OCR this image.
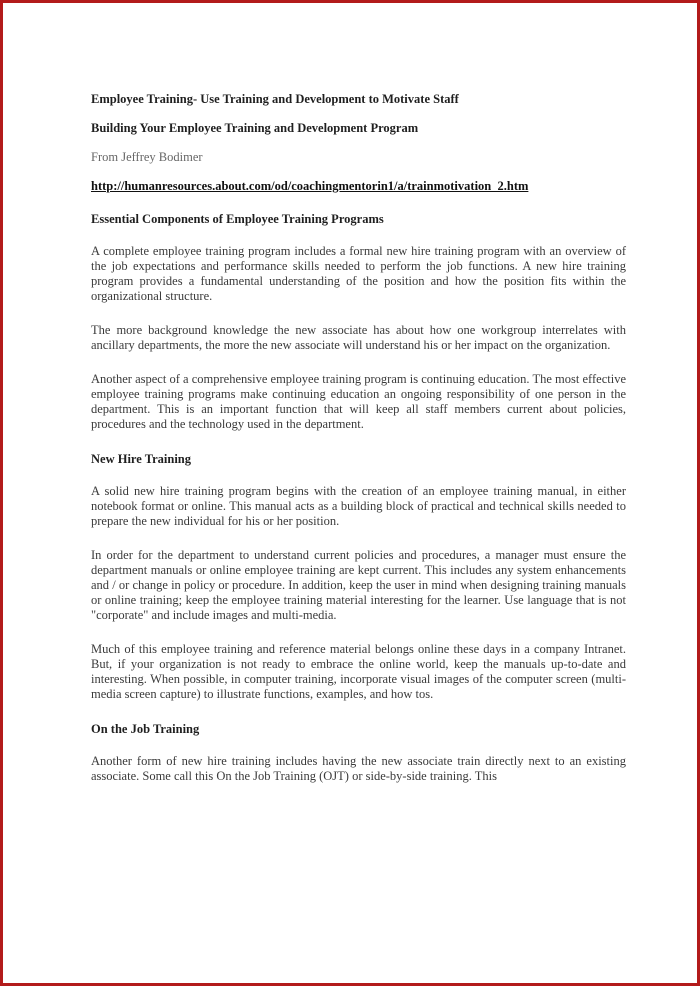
Employee Training- Use Training and Development to Motivate Staff

Building Your Employee Training and Development Program

From Jeffrey Bodimer

http://humanresources.about.com/od/coachingmentorin1/a/trainmotivation_2.htm

Essential Components of Employee Training Programs

A complete employee training program includes a formal new hire training program with an overview of the job expectations and performance skills needed to perform the job functions. A new hire training program provides a fundamental understanding of the position and how the position fits within the organizational structure.

The more background knowledge the new associate has about how one workgroup interrelates with ancillary departments, the more the new associate will understand his or her impact on the organization.

Another aspect of a comprehensive employee training program is continuing education. The most effective employee training programs make continuing education an ongoing responsibility of one person in the department. This is an important function that will keep all staff members current about policies, procedures and the technology used in the department.

New Hire Training

A solid new hire training program begins with the creation of an employee training manual, in either notebook format or online. This manual acts as a building block of practical and technical skills needed to prepare the new individual for his or her position.

In order for the department to understand current policies and procedures, a manager must ensure the department manuals or online employee training are kept current. This includes any system enhancements and / or change in policy or procedure. In addition, keep the user in mind when designing training manuals or online training; keep the employee training material interesting for the learner. Use language that is not "corporate" and include images and multi-media.

Much of this employee training and reference material belongs online these days in a company Intranet. But, if your organization is not ready to embrace the online world, keep the manuals up-to-date and interesting. When possible, in computer training, incorporate visual images of the computer screen (multi-media screen capture) to illustrate functions, examples, and how tos.

On the Job Training

Another form of new hire training includes having the new associate train directly next to an existing associate. Some call this On the Job Training (OJT) or side-by-side training. This
